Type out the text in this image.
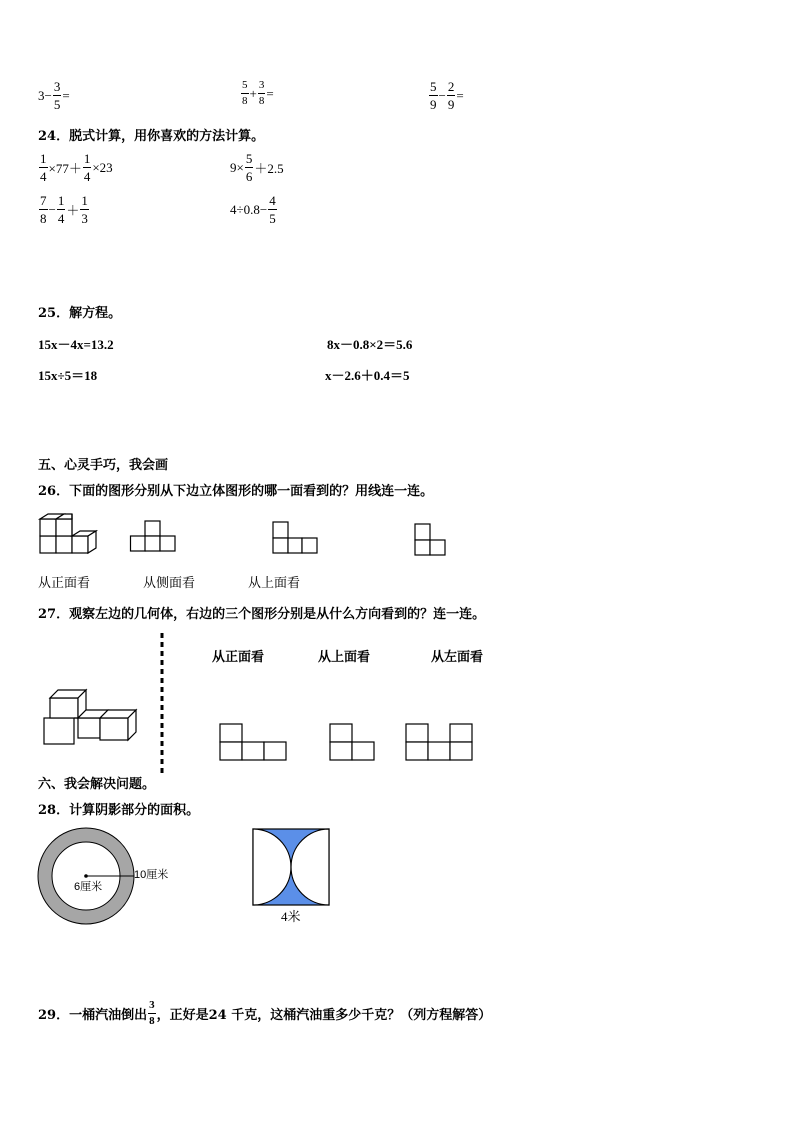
$3 - \frac{3}{5}$ =	$\frac{5}{8} + \frac{3}{8}$ =	$\frac{5}{9} - \frac{2}{9}$ =
24．脱式计算，用你喜欢的方法计算。
$\frac{1}{4} \times 77+ \frac{1}{4} \times 23$	$9\times \frac{5}{6} +2.5$
$\frac{7}{8} - \frac{1}{4} + \frac{1}{3}$	$4\div 0.8- \frac{4}{5}$
25．解方程。
15x－4x=13.2	8x－0.8×2＝5.6
15x÷5＝18	x－2.6＋0.4＝5
五、心灵手巧，我会画
26．下面的图形分别从下边立体图形的哪一面看到的？用线连一连。
从正面看	从侧面看	从上面看
27．观察左边的几何体，右边的三个图形分别是从什么方向看到的？连一连。
从正面看	从上面看	从左面看
六、我会解决问题。
28．计算阴影部分的面积。
6厘米
10厘米
4米
29．一桶汽油倒出 $\frac{3}{8}$ ，正好是24 千克，这桶汽油重多少千克？（列方程解答）
